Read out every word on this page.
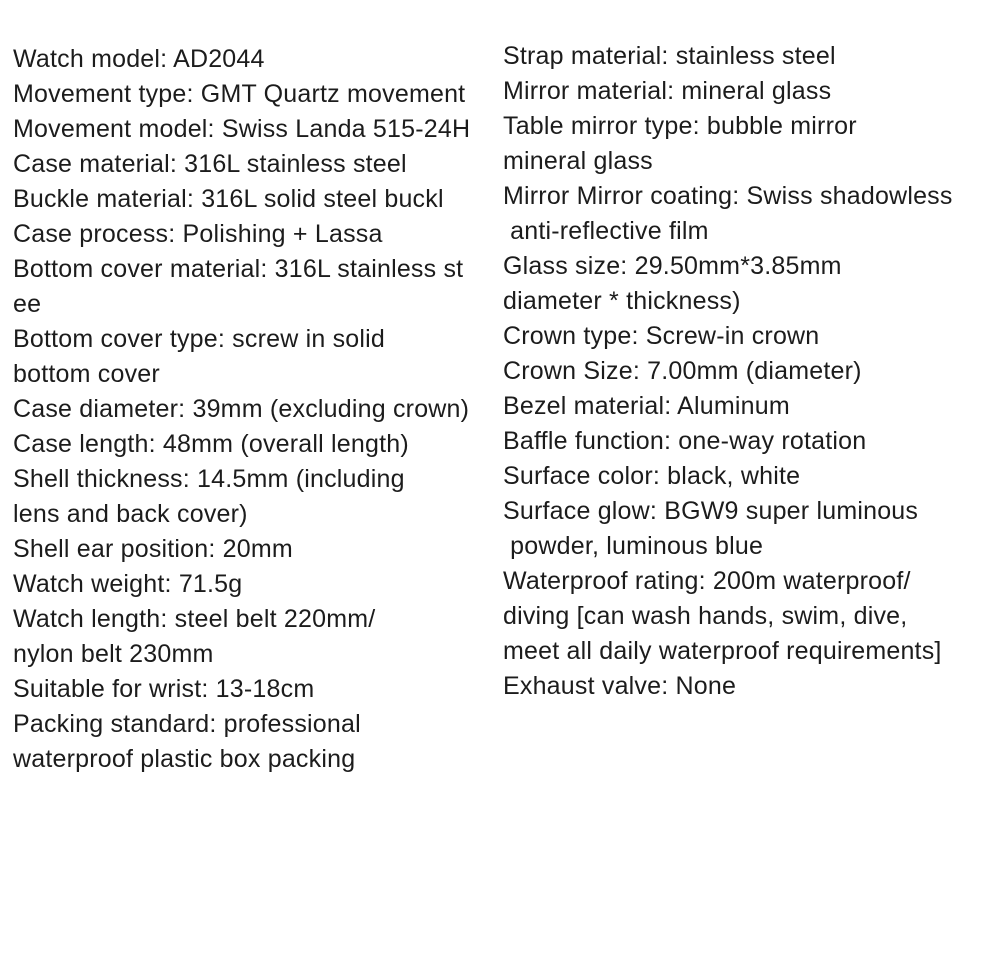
Watch model: AD2044
Movement type: GMT Quartz movement
Movement model: Swiss Landa 515-24H
Case material: 316L stainless steel
Buckle material: 316L solid steel buckl
Case process: Polishing + Lassa
Bottom cover material: 316L stainless st
ee
Bottom cover type: screw in solid
bottom cover
Case diameter: 39mm (excluding crown)
Case length: 48mm (overall length)
Shell thickness: 14.5mm (including
lens and back cover)
Shell ear position: 20mm
Watch weight: 71.5g
Watch length: steel belt 220mm/
nylon belt 230mm
Suitable for wrist: 13-18cm
Packing standard: professional
waterproof plastic box packing
Strap material: stainless steel
Mirror material: mineral glass
Table mirror type: bubble mirror
mineral glass
Mirror Mirror coating: Swiss shadowless
anti-reflective film
Glass size: 29.50mm*3.85mm
diameter * thickness)
Crown type: Screw-in crown
Crown Size: 7.00mm (diameter)
Bezel material: Aluminum
Baffle function: one-way rotation
Surface color: black, white
Surface glow: BGW9 super luminous
powder, luminous blue
Waterproof rating: 200m waterproof/
diving [can wash hands, swim, dive,
meet all daily waterproof requirements]
Exhaust valve: None
